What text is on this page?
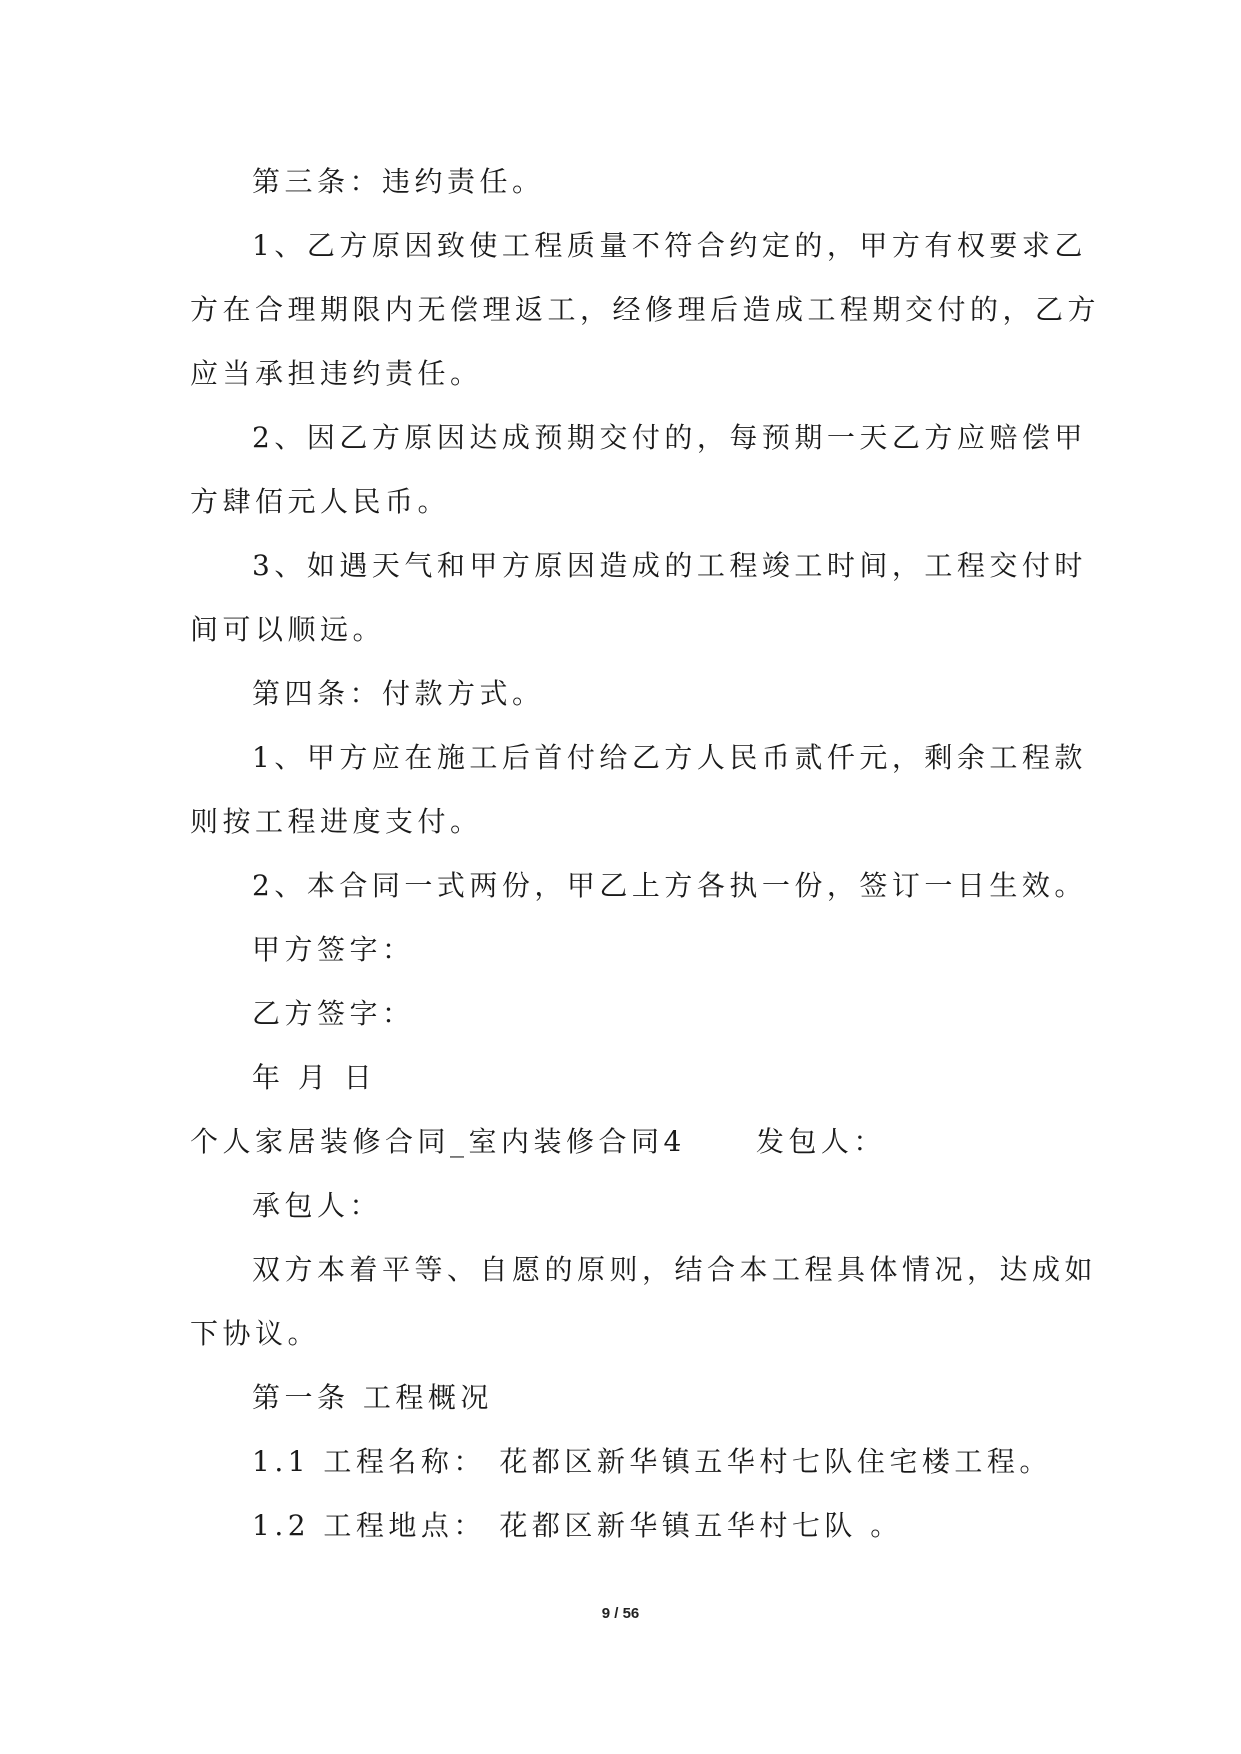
第三条：违约责任。
1、乙方原因致使工程质量不符合约定的，甲方有权要求乙
方在合理期限内无偿理返工，经修理后造成工程期交付的，乙方
应当承担违约责任。
2、因乙方原因达成预期交付的，每预期一天乙方应赔偿甲
方肆佰元人民币。
3、如遇天气和甲方原因造成的工程竣工时间，工程交付时
间可以顺远。
第四条：付款方式。
1、甲方应在施工后首付给乙方人民币贰仟元，剩余工程款
则按工程进度支付。
2、本合同一式两份，甲乙上方各执一份，签订一日生效。
甲方签字：
乙方签字：
年 月 日
个人家居装修合同_室内装修合同4	发包人：
承包人：
双方本着平等、自愿的原则，结合本工程具体情况，达成如
下协议。
第一条 工程概况
1.1 工程名称： 花都区新华镇五华村七队住宅楼工程。
1.2 工程地点： 花都区新华镇五华村七队 。
9 / 56
